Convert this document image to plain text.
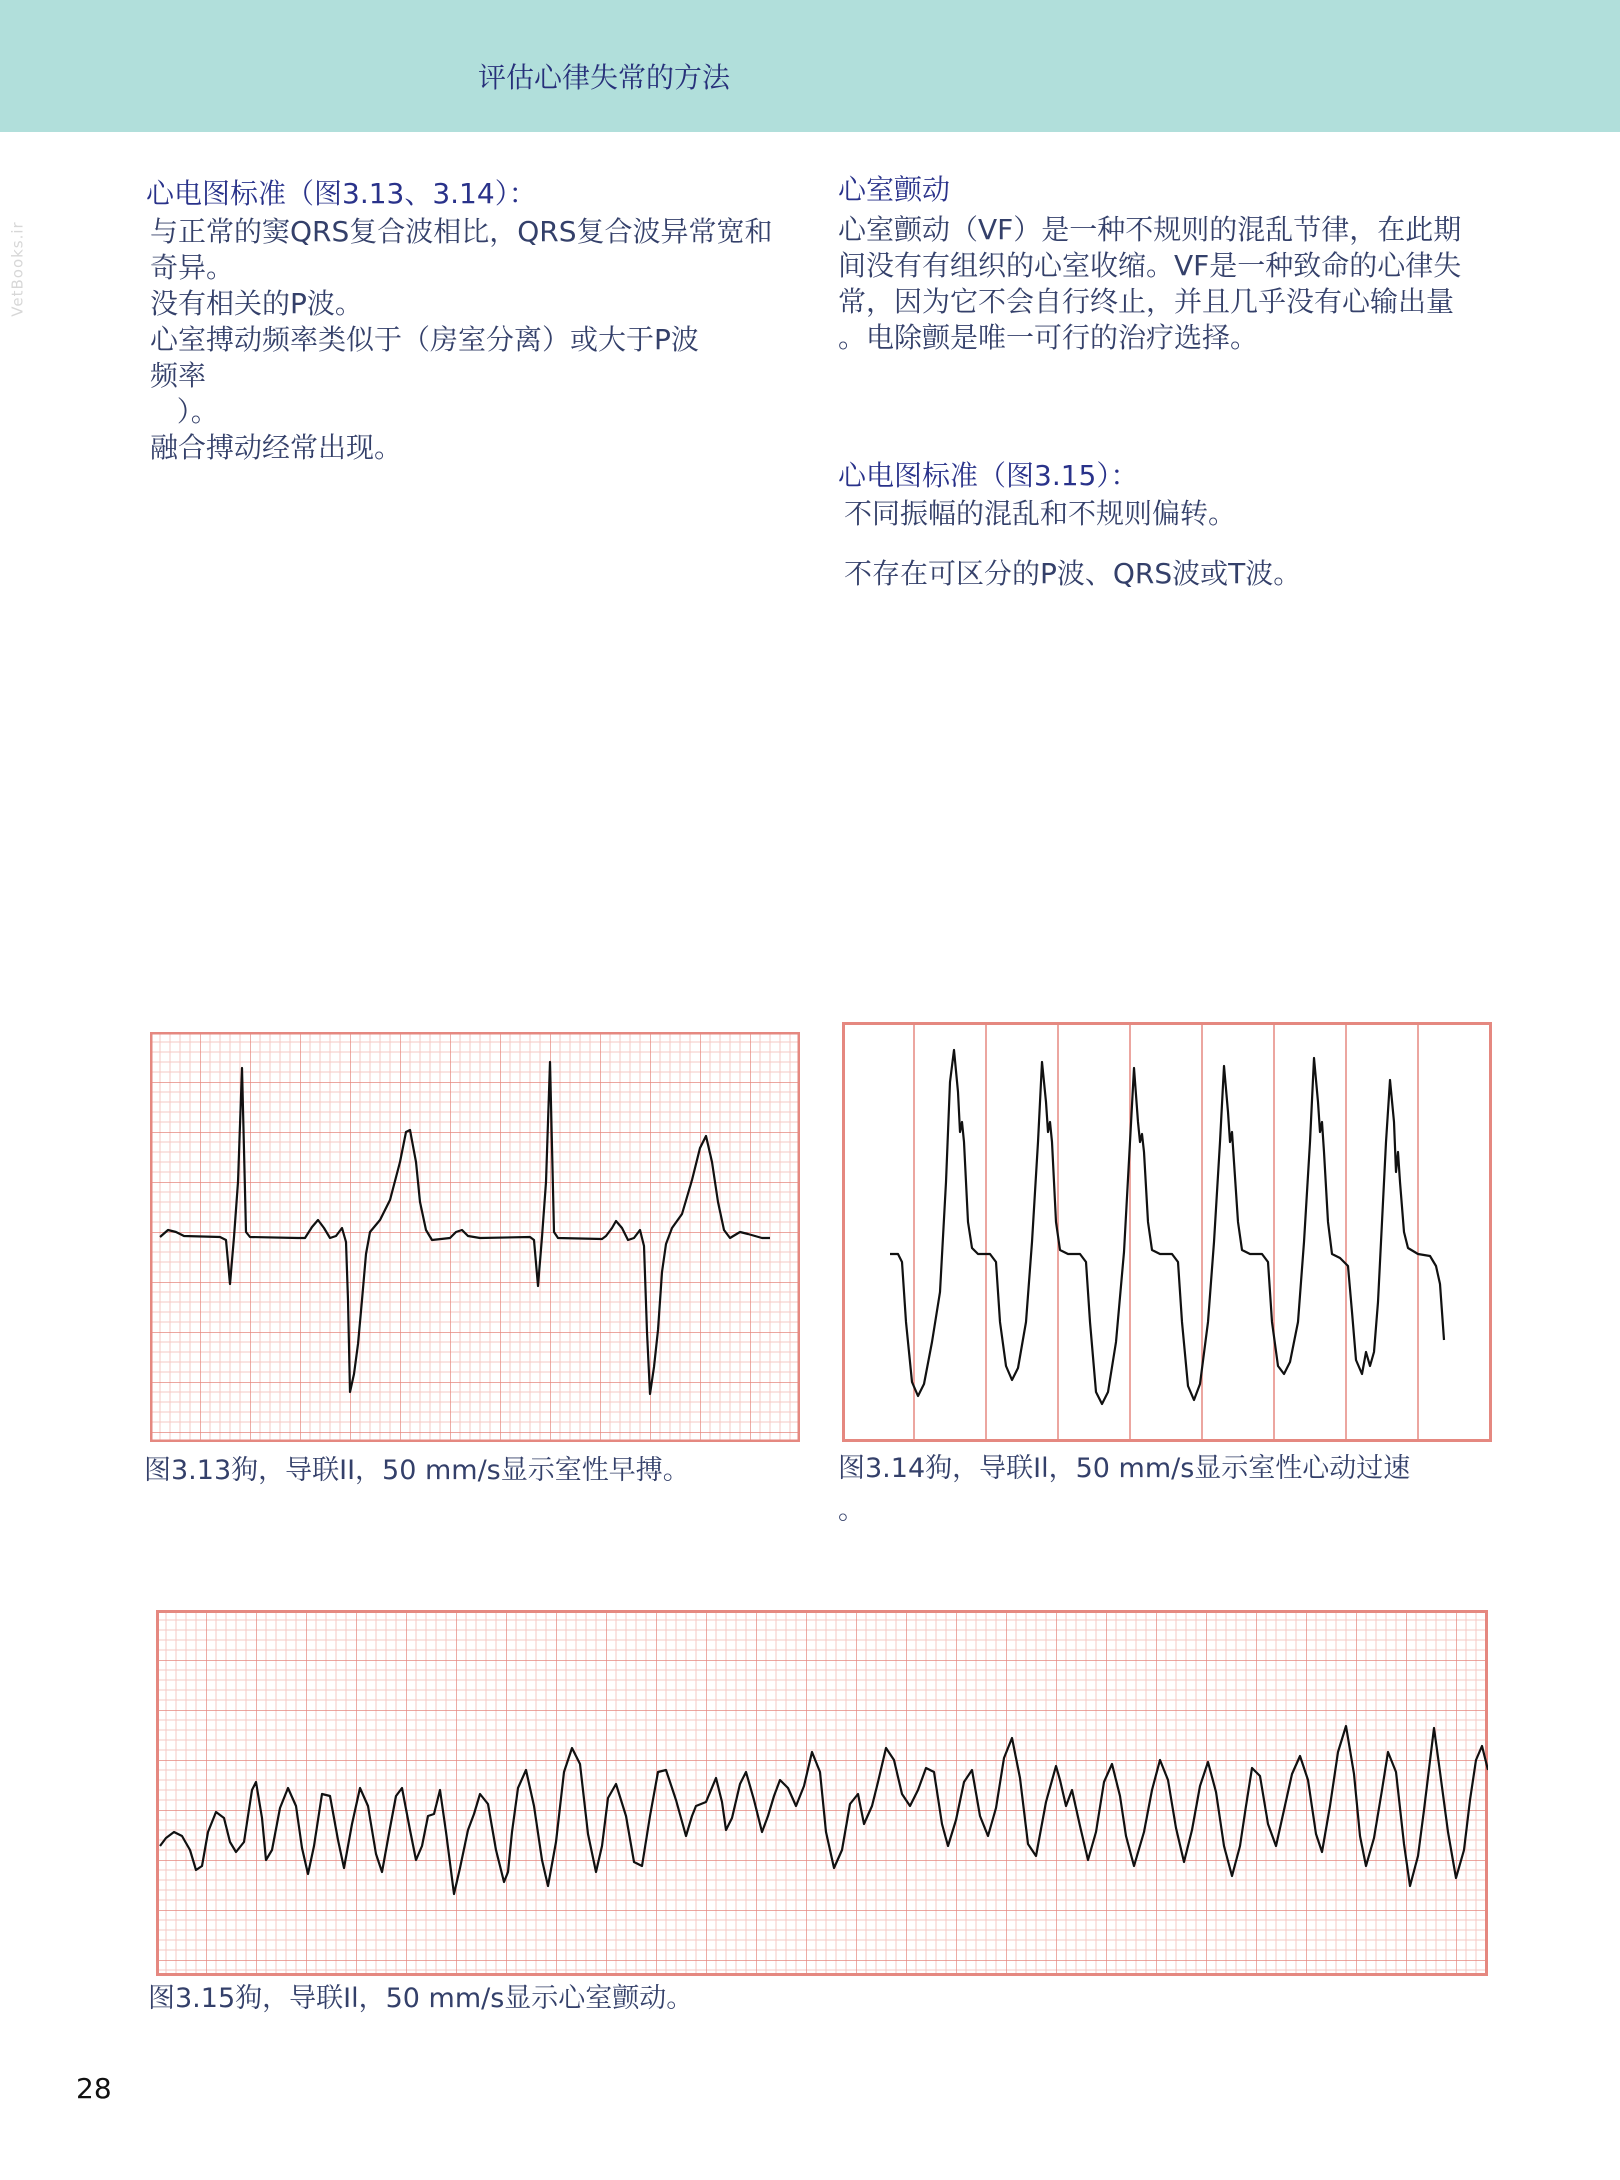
评估心律失常的方法
VetBooks.ir
心电图标准（图3.13、3.14）：
与正常的窦QRS复合波相比，QRS复合波异常宽和
奇异。
没有相关的P波。
心室搏动频率类似于（房室分离）或大于P波
频率
）。
融合搏动经常出现。
心室颤动
心室颤动（VF）是一种不规则的混乱节律，在此期
间没有有组织的心室收缩。VF是一种致命的心律失
常，因为它不会自行终止，并且几乎没有心输出量
。电除颤是唯一可行的治疗选择。
心电图标准（图3.15）：
不同振幅的混乱和不规则偏转。
不存在可区分的P波、QRS波或T波。
图3.13狗，导联II，50 mm/s显示室性早搏。	图3.14狗，导联Il，50 mm/s显示室性心动过速
。
图3.15狗，导联Il，50 mm/s显示心室颤动。
28
